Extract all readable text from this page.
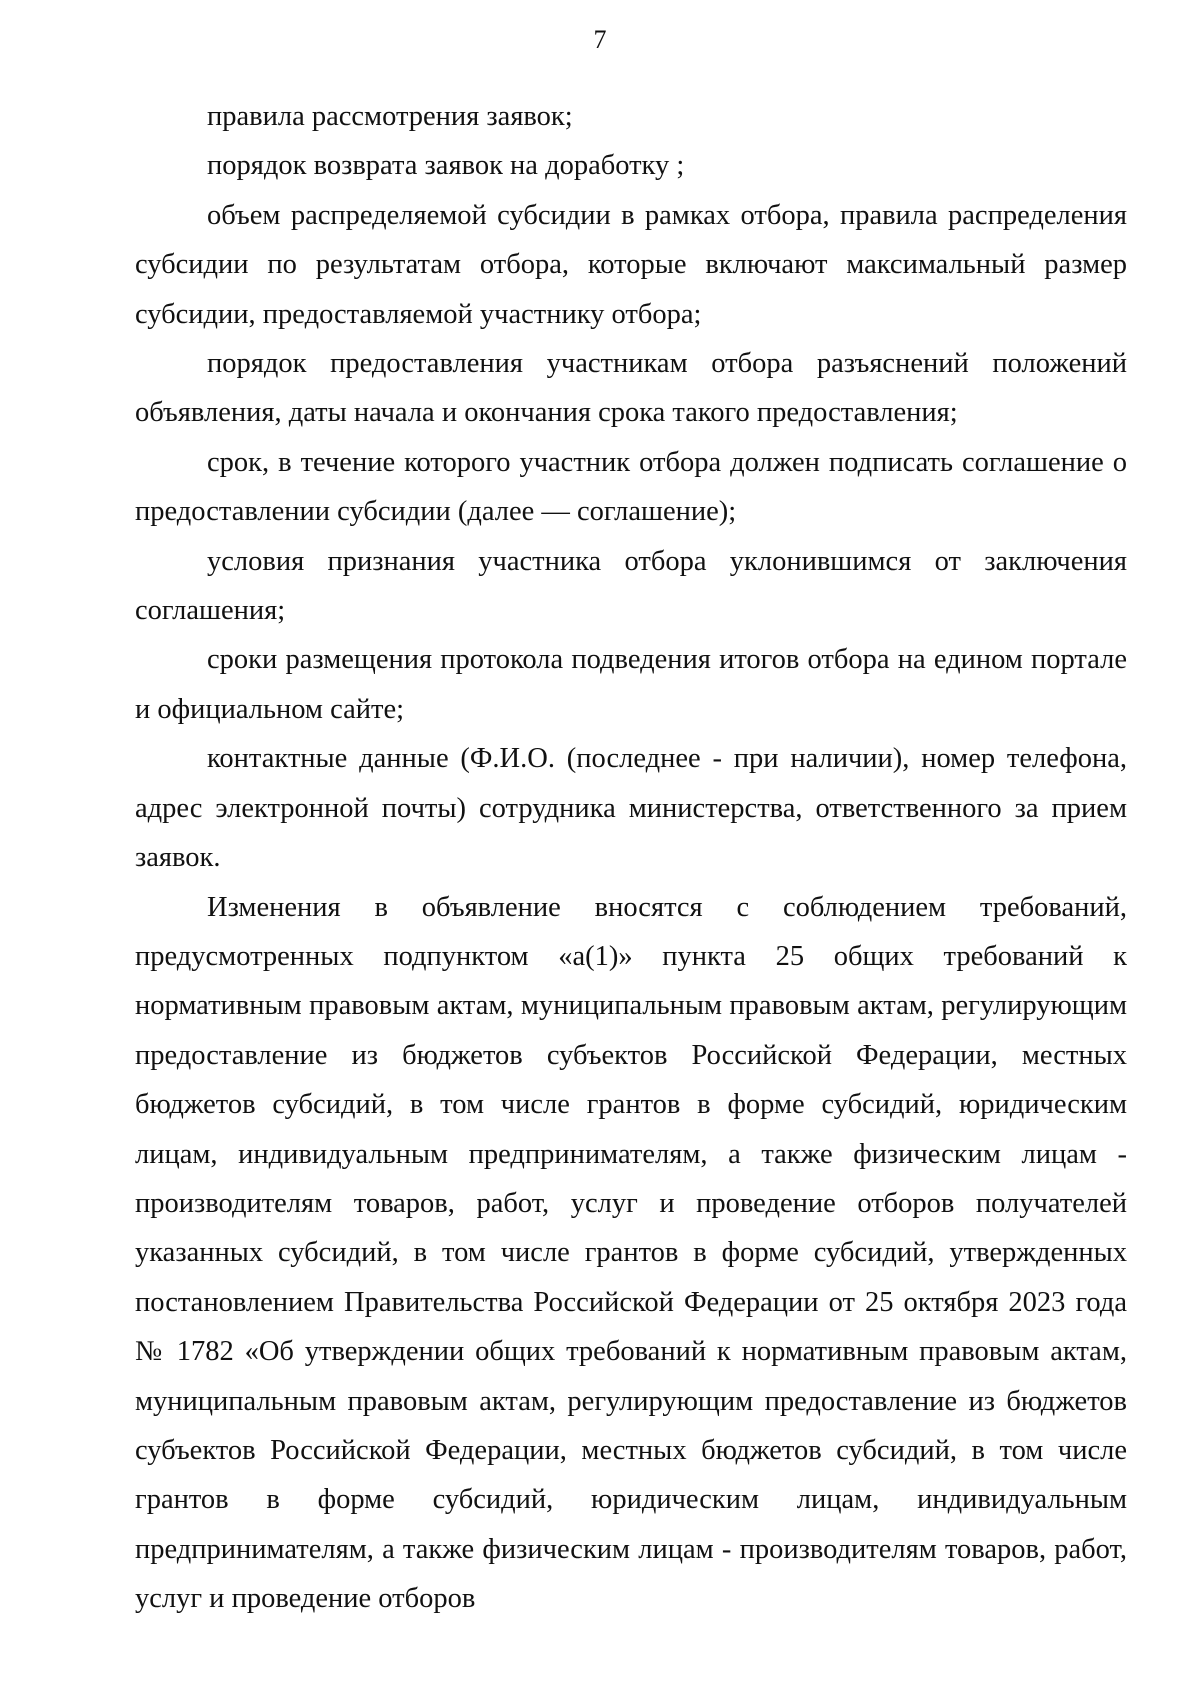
7

правила рассмотрения заявок;

порядок возврата заявок на доработку ;

объем распределяемой субсидии в рамках отбора, правила распределения субсидии по результатам отбора, которые включают максимальный размер субсидии, предоставляемой участнику отбора;

порядок предоставления участникам отбора разъяснений положений объявления, даты начала и окончания срока такого предоставления;

срок, в течение которого участник отбора должен подписать соглашение о предоставлении субсидии (далее — соглашение);

условия признания участника отбора уклонившимся от заключения соглашения;

сроки размещения протокола подведения итогов отбора на едином портале и официальном сайте;

контактные данные (Ф.И.О. (последнее - при наличии), номер телефона, адрес электронной почты) сотрудника министерства, ответственного за прием заявок.

Изменения в объявление вносятся с соблюдением требований, предусмотренных подпунктом «а(1)» пункта 25 общих требований к нормативным правовым актам, муниципальным правовым актам, регулирующим предоставление из бюджетов субъектов Российской Федерации, местных бюджетов субсидий, в том числе грантов в форме субсидий, юридическим лицам, индивидуальным предпринимателям, а также физическим лицам - производителям товаров, работ, услуг и проведение отборов получателей указанных субсидий, в том числе грантов в форме субсидий, утвержденных постановлением Правительства Российской Федерации от 25 октября 2023 года № 1782 «Об утверждении общих требований к нормативным правовым актам, муниципальным правовым актам, регулирующим предоставление из бюджетов субъектов Российской Федерации, местных бюджетов субсидий, в том числе грантов в форме субсидий, юридическим лицам, индивидуальным предпринимателям, а также физическим лицам - производителям товаров, работ, услуг и проведение отборов
